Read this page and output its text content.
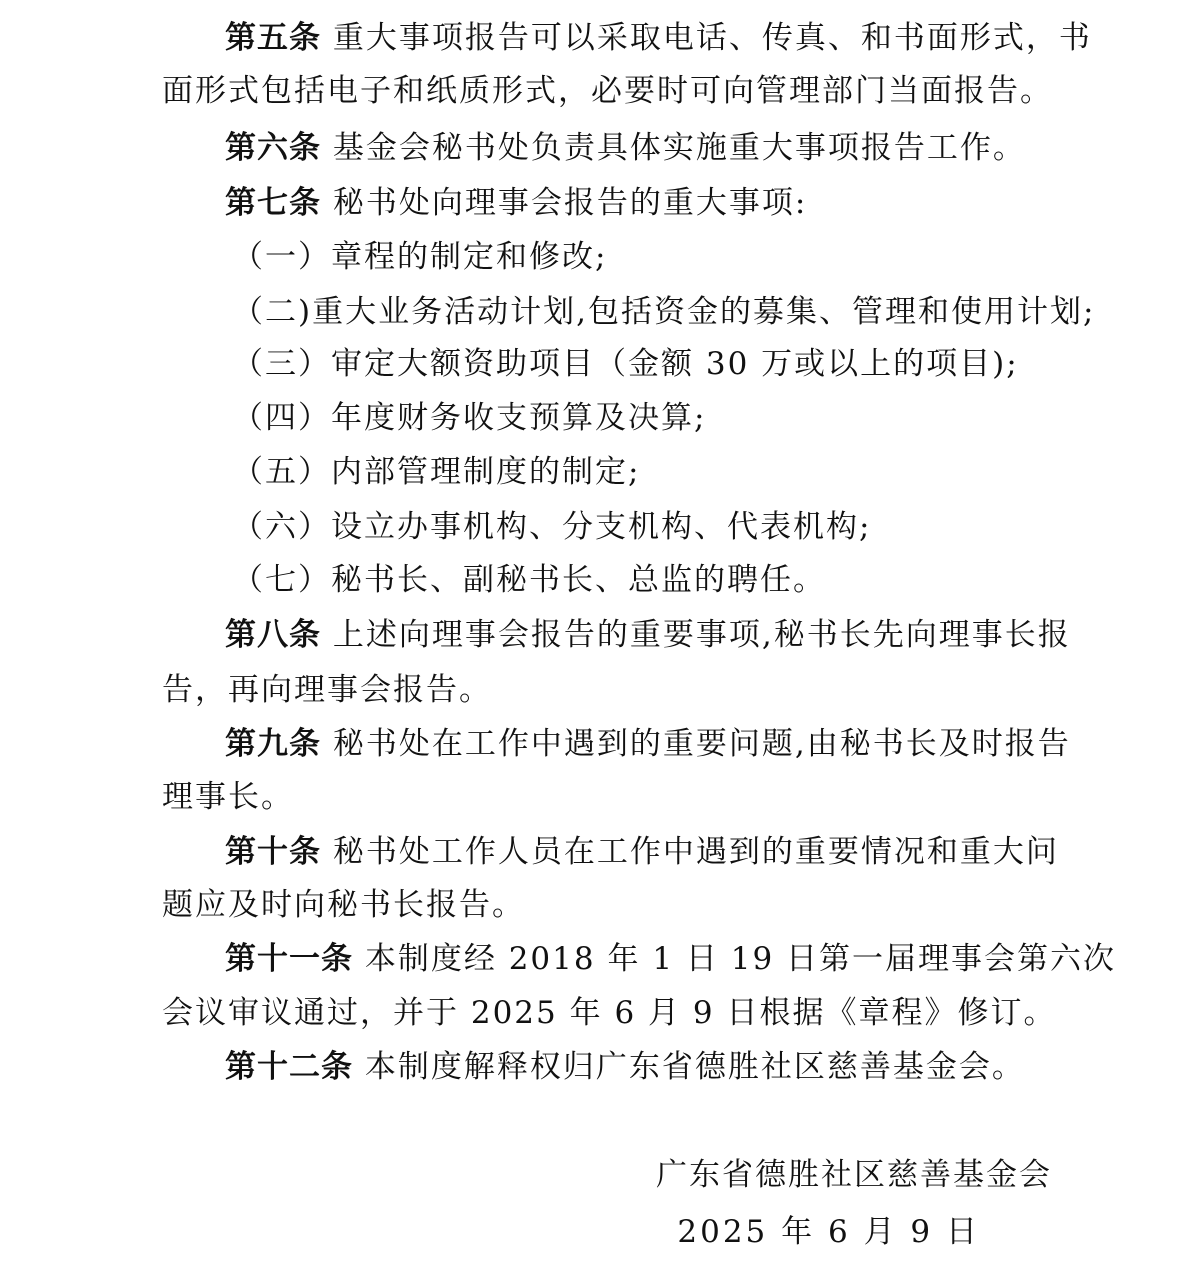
第五条 重大事项报告可以采取电话、传真、和书面形式，书
面形式包括电子和纸质形式，必要时可向管理部门当面报告。
第六条 基金会秘书处负责具体实施重大事项报告工作。
第七条 秘书处向理事会报告的重大事项:
（一）章程的制定和修改;
（二)重大业务活动计划,包括资金的募集、管理和使用计划;
（三）审定大额资助项目（金额 30 万或以上的项目);
（四）年度财务收支预算及决算;
（五）内部管理制度的制定;
（六）设立办事机构、分支机构、代表机构;
（七）秘书长、副秘书长、总监的聘任。
第八条 上述向理事会报告的重要事项,秘书长先向理事长报
告，再向理事会报告。
第九条 秘书处在工作中遇到的重要问题,由秘书长及时报告
理事长。
第十条 秘书处工作人员在工作中遇到的重要情况和重大问
题应及时向秘书长报告。
第十一条 本制度经 2018 年 1 日 19 日第一届理事会第六次
会议审议通过，并于 2025 年 6 月 9 日根据《章程》修订。
第十二条 本制度解释权归广东省德胜社区慈善基金会。
广东省德胜社区慈善基金会
2025 年 6 月 9 日
